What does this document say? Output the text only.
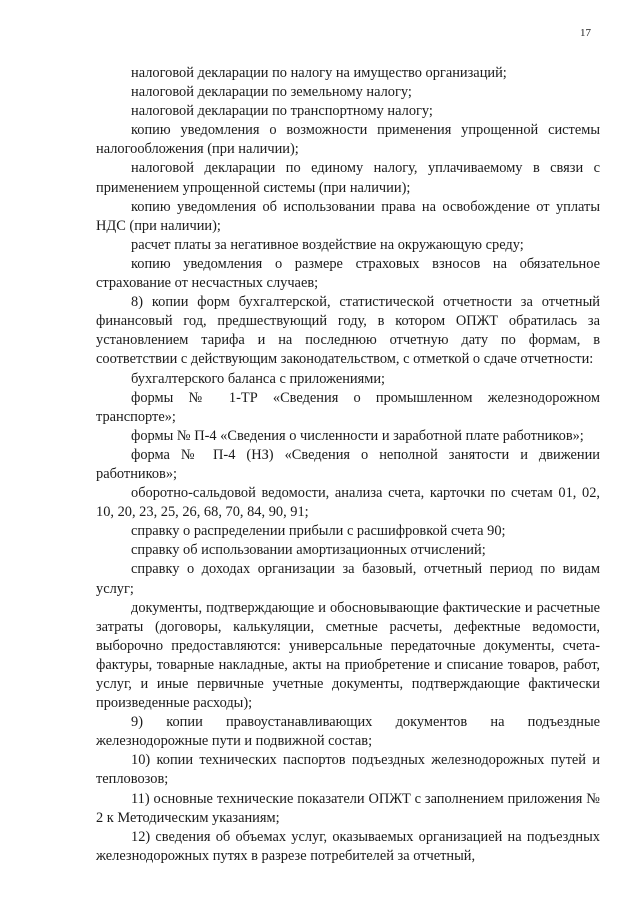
17

налоговой декларации по налогу на имущество организаций;

налоговой декларации по земельному налогу;

налоговой декларации по транспортному налогу;

копию уведомления о возможности применения упрощенной системы налогообложения (при наличии);

налоговой декларации по единому налогу, уплачиваемому в связи с применением упрощенной системы (при наличии);

копию уведомления об использовании права на освобождение от уплаты НДС (при наличии);

расчет платы за негативное воздействие на окружающую среду;

копию уведомления о размере страховых взносов на обязательное страхование от несчастных случаев;

8) копии форм бухгалтерской, статистической отчетности за отчетный финансовый год, предшествующий году, в котором ОПЖТ обратилась за установлением тарифа и на последнюю отчетную дату по формам, в соответствии с действующим законодательством, с отметкой о сдаче отчетности:

бухгалтерского баланса с приложениями;

формы № 1-ТР «Сведения о промышленном железнодорожном транспорте»;

формы № П-4 «Сведения о численности и заработной плате работников»;

форма № П-4 (НЗ) «Сведения о неполной занятости и движении работников»;

оборотно-сальдовой ведомости, анализа счета, карточки по счетам 01, 02, 10, 20, 23, 25, 26, 68, 70, 84, 90, 91;

справку о распределении прибыли с расшифровкой счета 90;

справку об использовании амортизационных отчислений;

справку о доходах организации за базовый, отчетный период по видам услуг;

документы, подтверждающие и обосновывающие фактические и расчетные затраты (договоры, калькуляции, сметные расчеты, дефектные ведомости, выборочно предоставляются: универсальные передаточные документы, счета-фактуры, товарные накладные, акты на приобретение и списание товаров, работ, услуг, и иные первичные учетные документы, подтверждающие фактически произведенные расходы);

9) копии правоустанавливающих документов на подъездные железнодорожные пути и подвижной состав;

10) копии технических паспортов подъездных железнодорожных путей и тепловозов;

11) основные технические показатели ОПЖТ с заполнением приложения № 2 к Методическим указаниям;

12) сведения об объемах услуг, оказываемых организацией на подъездных железнодорожных путях в разрезе потребителей за отчетный,
